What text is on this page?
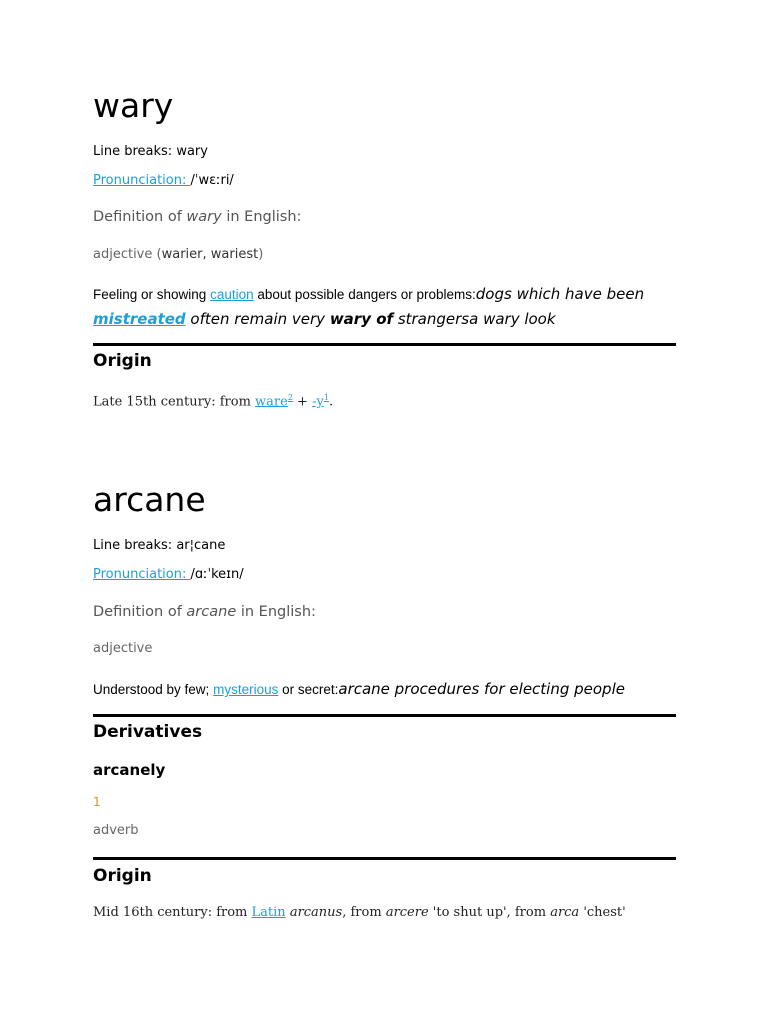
wary
Line breaks: wary
Pronunciation: /ˈwɛːri/
Definition of wary in English:
adjective (warier, wariest)
Feeling or showing caution about possible dangers or problems:dogs which have been mistreated often remain very wary of strangersa wary look
Origin
Late 15th century: from ware$^2$ + $-y^1$.
arcane
Line breaks: ar¦cane
Pronunciation: /ɑːˈkeɪn/
Definition of arcane in English:
adjective
Understood by few; mysterious or secret:arcane procedures for electing people
Derivatives
arcanely
1
adverb
Origin
Mid 16th century: from Latin arcanus, from arcere 'to shut up', from arca 'chest'
